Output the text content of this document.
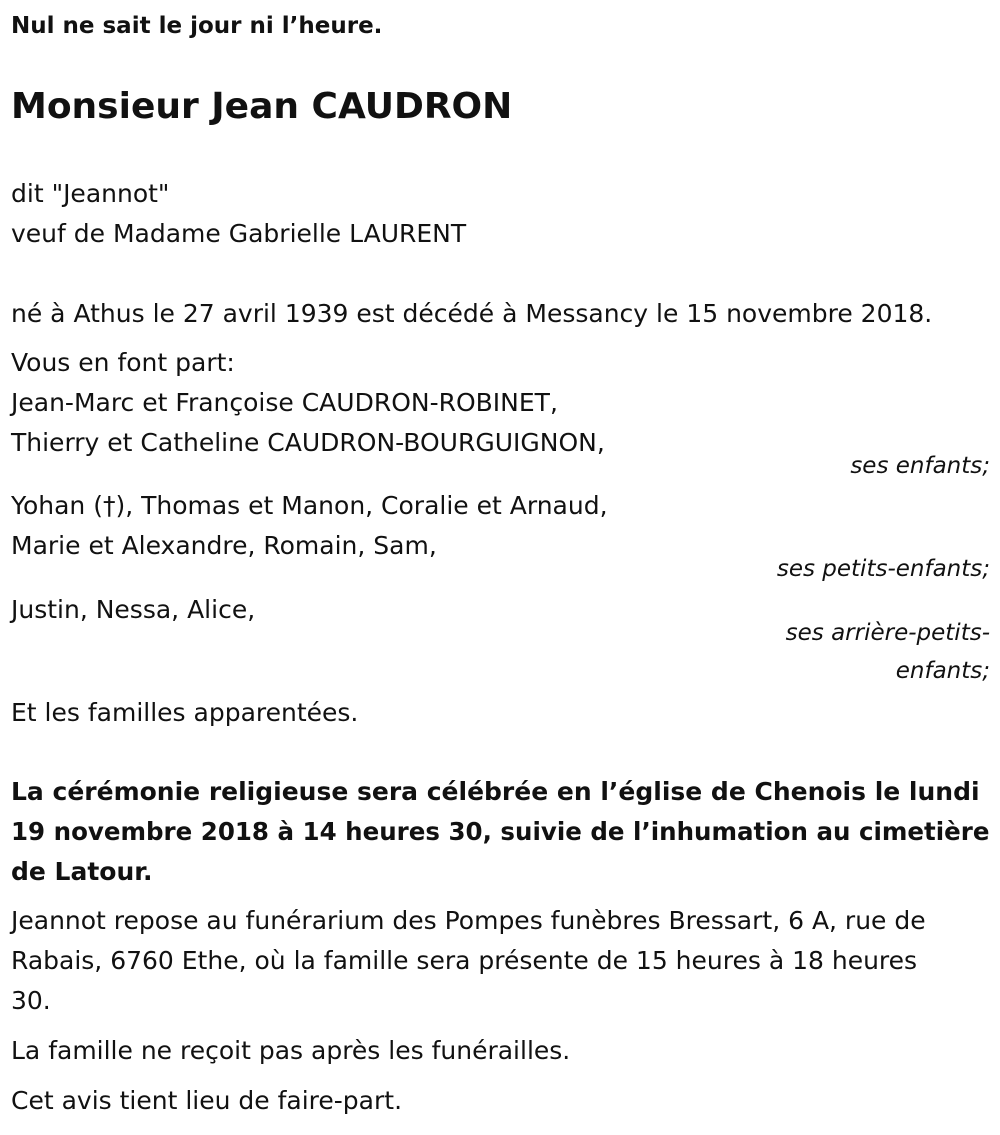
Nul ne sait le jour ni l’heure.
Monsieur Jean CAUDRON
dit "Jeannot"
veuf de Madame Gabrielle LAURENT
né à Athus le 27 avril 1939 est décédé à Messancy le 15 novembre 2018.
Vous en font part:
Jean-Marc et Françoise CAUDRON-ROBINET,
Thierry et Catheline CAUDRON-BOURGUIGNON,
ses enfants;
Yohan (†), Thomas et Manon, Coralie et Arnaud,
Marie et Alexandre, Romain, Sam,
ses petits-enfants;
Justin, Nessa, Alice,
ses arrière-petits-
enfants;
Et les familles apparentées.
La cérémonie religieuse sera célébrée en l’église de Chenois le lundi
19 novembre 2018 à 14 heures 30, suivie de l’inhumation au cimetière
de Latour.
Jeannot repose au funérarium des Pompes funèbres Bressart, 6 A, rue de
Rabais, 6760 Ethe, où la famille sera présente de 15 heures à 18 heures
30.
La famille ne reçoit pas après les funérailles.
Cet avis tient lieu de faire-part.
